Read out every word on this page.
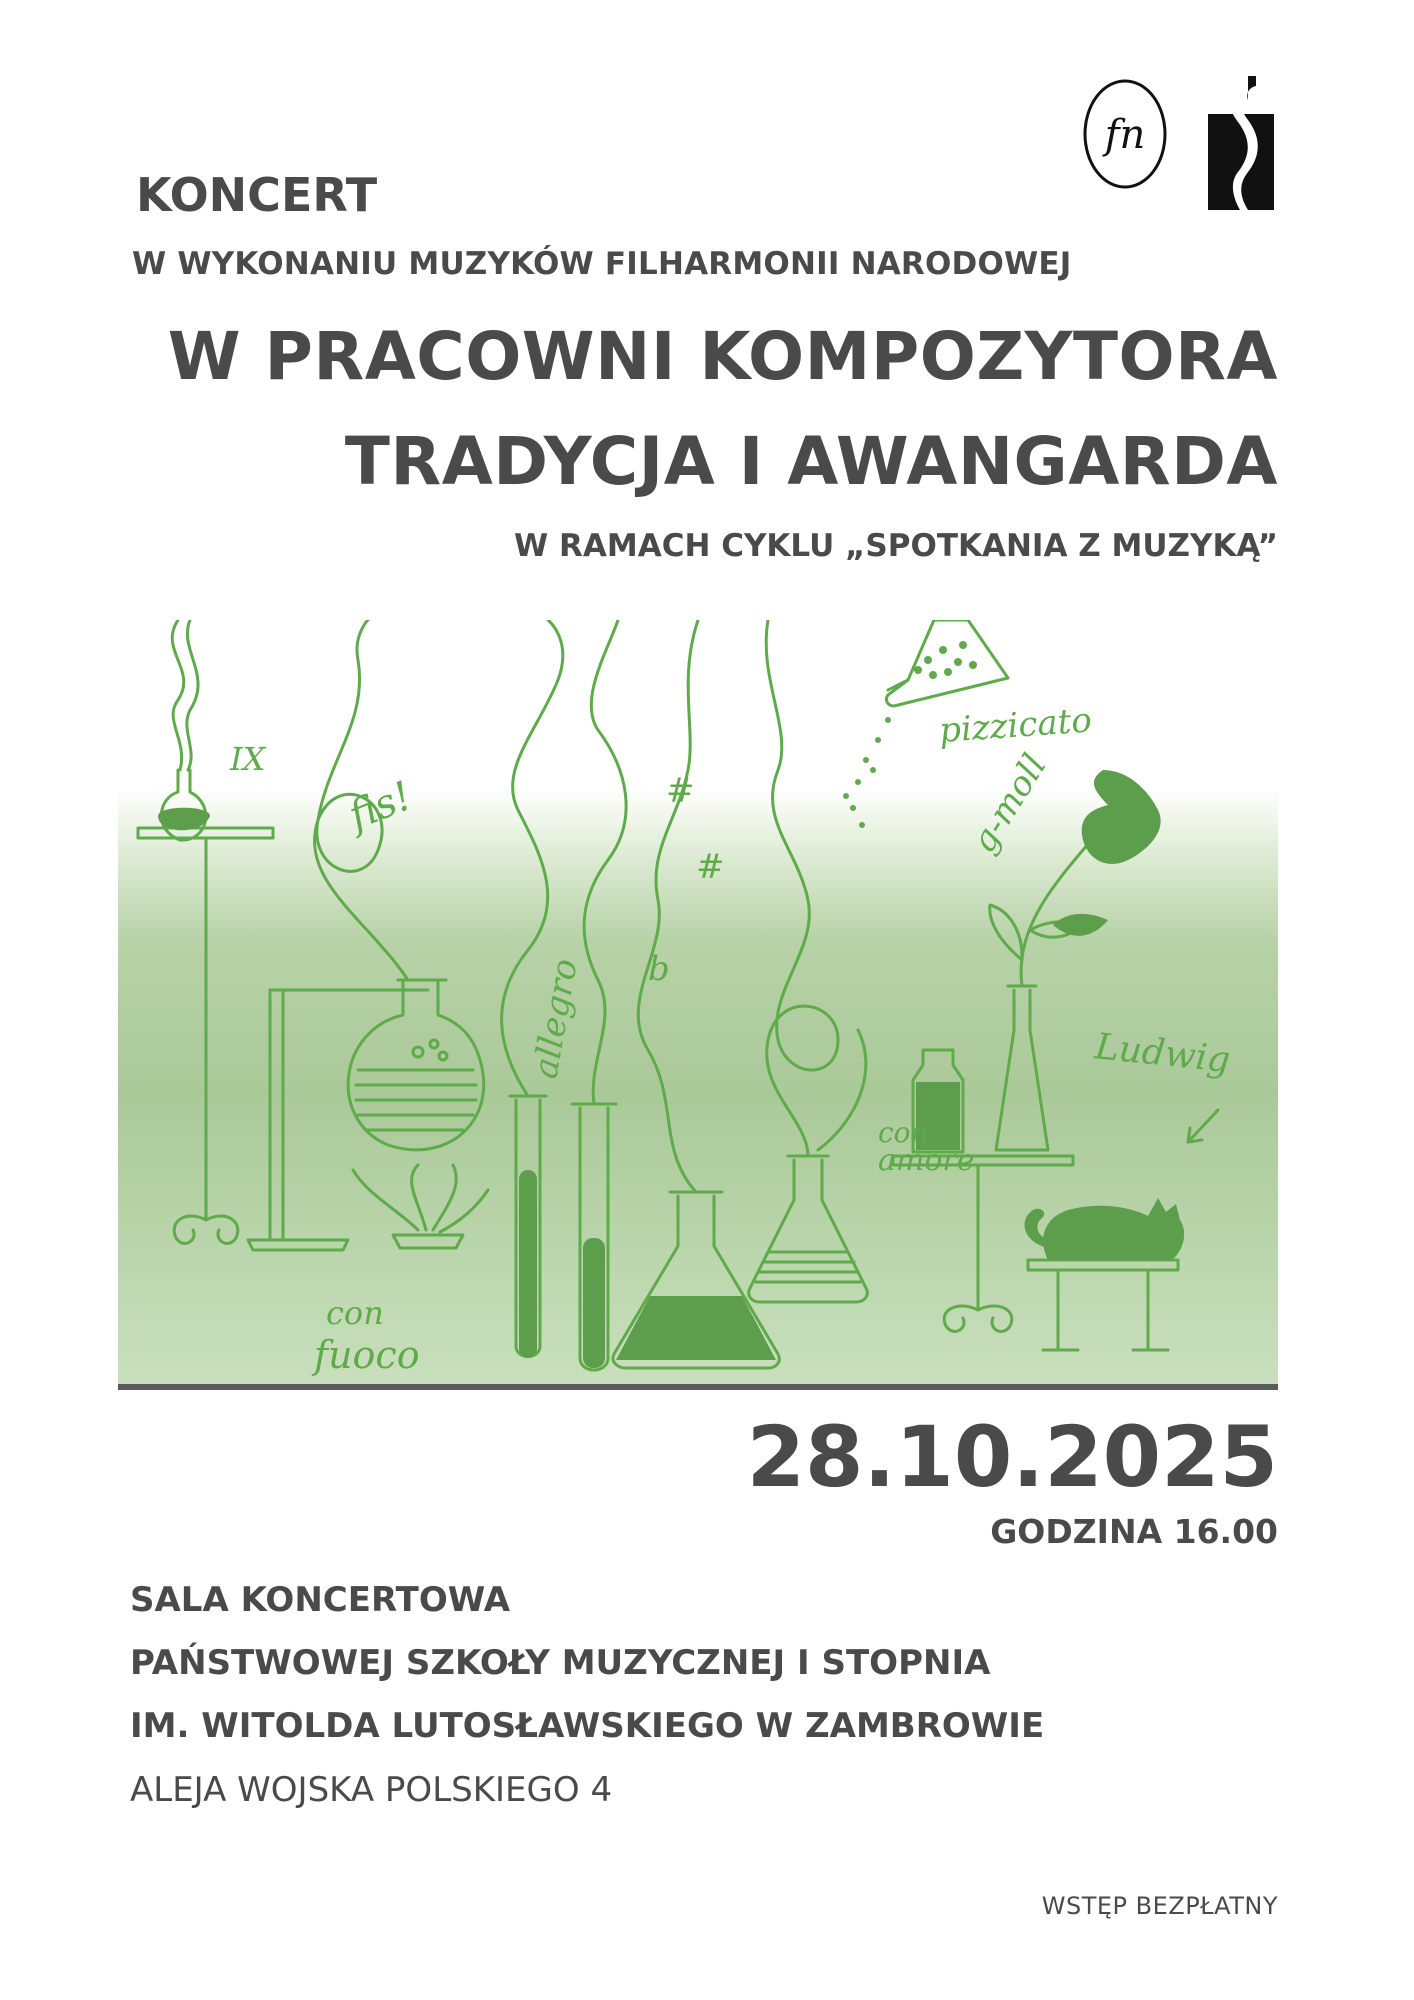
fn
KONCERT
W WYKONANIU MUZYKÓW FILHARMONII NARODOWEJ
W PRACOWNI KOMPOZYTORA
TRADYCJA I AWANGARDA
W RAMACH CYKLU „SPOTKANIA Z MUZYKĄ”
IX
fis!	#
#
b
allegro
pizzicato
g-moll
Ludwig
con
amore
con
fuoco
28.10.2025
GODZINA 16.00
SALA KONCERTOWA
PAŃSTWOWEJ SZKOŁY MUZYCZNEJ I STOPNIA
IM. WITOLDA LUTOSŁAWSKIEGO W ZAMBROWIE
ALEJA WOJSKA POLSKIEGO 4
WSTĘP BEZPŁATNY
